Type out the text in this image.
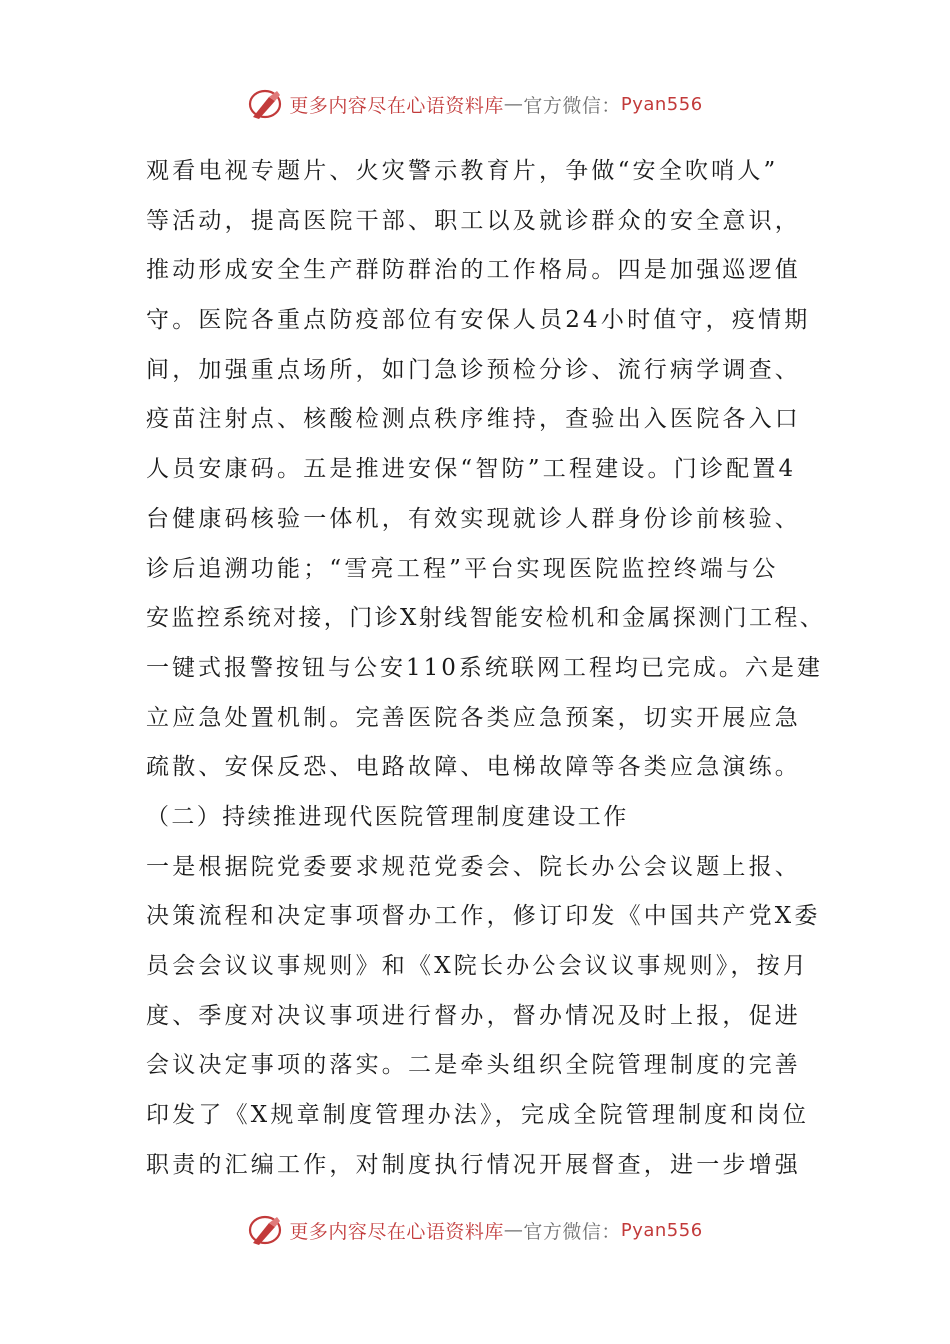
更多内容尽在心语资料库 — 官方微信： Pyan556
观看电视专题片、火灾警示教育片，争做“安全吹哨人”
等活动，提高医院干部、职工以及就诊群众的安全意识，
推动形成安全生产群防群治的工作格局。四是加强巡逻值
守。医院各重点防疫部位有安保人员24小时值守，疫情期
间，加强重点场所，如门急诊预检分诊、流行病学调查、
疫苗注射点、核酸检测点秩序维持，查验出入医院各入口
人员安康码。五是推进安保“智防”工程建设。门诊配置4
台健康码核验一体机，有效实现就诊人群身份诊前核验、
诊后追溯功能；“雪亮工程”平台实现医院监控终端与公
安监控系统对接，门诊X射线智能安检机和金属探测门工程、
一键式报警按钮与公安110系统联网工程均已完成。六是建
立应急处置机制。完善医院各类应急预案，切实开展应急
疏散、安保反恐、电路故障、电梯故障等各类应急演练。
（二）持续推进现代医院管理制度建设工作
一是根据院党委要求规范党委会、院长办公会议题上报、
决策流程和决定事项督办工作，修订印发《中国共产党X委
员会会议议事规则》和《X院长办公会议议事规则》，按月
度、季度对决议事项进行督办，督办情况及时上报，促进
会议决定事项的落实。二是牵头组织全院管理制度的完善
印发了《X规章制度管理办法》，完成全院管理制度和岗位
职责的汇编工作，对制度执行情况开展督查，进一步增强
更多内容尽在心语资料库 — 官方微信： Pyan556
